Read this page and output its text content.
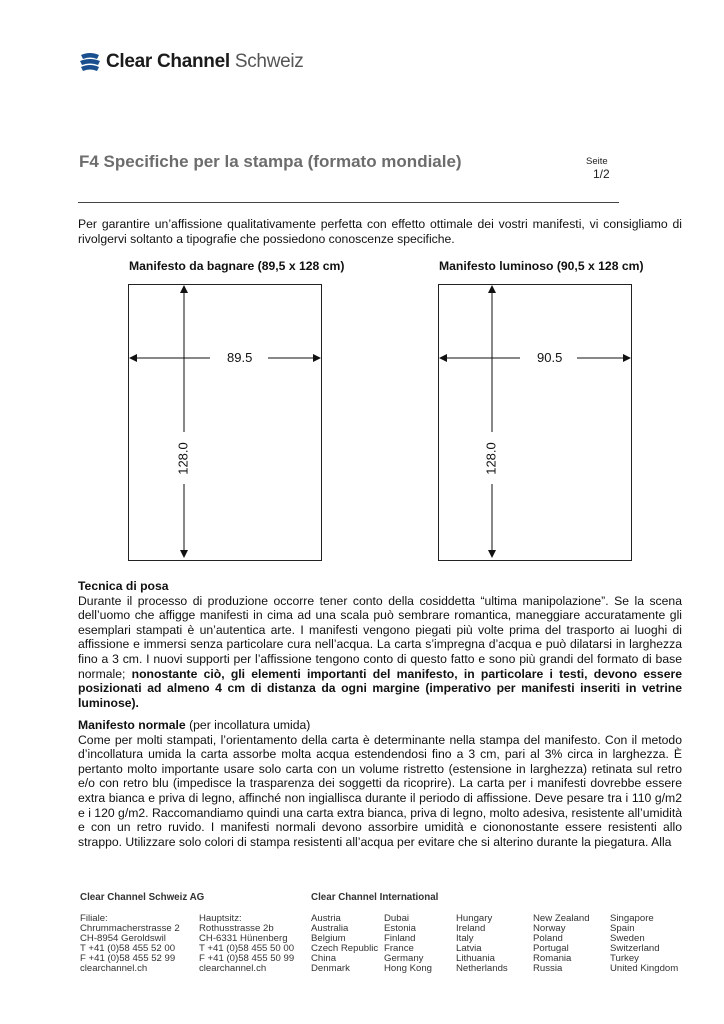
Clear Channel Schweiz
F4 Specifiche per la stampa (formato mondiale)	Seite
1/2
Per garantire un’affissione qualitativamente perfetta con effetto ottimale dei vostri manifesti, vi consigliamo di rivolgervi soltanto a tipografie che possiedono conoscenze specifiche.
Manifesto da bagnare (89,5 x 128 cm)
89.5
128.0
Manifesto luminoso (90,5 x 128 cm)
90.5
128.0
Tecnica di posa
Durante il processo di produzione occorre tener conto della cosiddetta “ultima manipolazione”. Se la scena dell’uomo che affigge manifesti in cima ad una scala può sembrare romantica, maneggiare accuratamente gli esemplari stampati è un’autentica arte. I manifesti vengono piegati più volte prima del trasporto ai luoghi di affissione e immersi senza particolare cura nell’acqua. La carta s’impregna d’acqua e può dilatarsi in larghezza fino a 3 cm. I nuovi supporti per l’affissione tengono conto di questo fatto e sono più grandi del formato di base normale; nonostante ciò, gli elementi importanti del manifesto, in particolare i testi, devono essere posizionati ad almeno 4 cm di distanza da ogni margine (imperativo per manifesti inseriti in vetrine luminose).
Manifesto normale (per incollatura umida)
Come per molti stampati, l’orientamento della carta è determinante nella stampa del manifesto. Con il metodo d’incollatura umida la carta assorbe molta acqua estendendosi fino a 3 cm, pari al 3% circa in larghezza. È pertanto molto importante usare solo carta con un volume ristretto (estensione in larghezza) retinata sul retro e/o con retro blu (impedisce la trasparenza dei soggetti da ricoprire). La carta per i manifesti dovrebbe essere extra bianca e priva di legno, affinché non ingiallisca durante il periodo di affissione. Deve pesare tra i 110 g/m2 e i 120 g/m2. Raccomandiamo quindi una carta extra bianca, priva di legno, molto adesiva, resistente all’umidità e con un retro ruvido. I manifesti normali devono assorbire umidità e ciononostante essere resistenti allo strappo. Utilizzare solo colori di stampa resistenti all’acqua per evitare che si alterino durante la piegatura. Alla
Clear Channel Schweiz AG	Clear Channel International
Filiale:
Chrummacherstrasse 2
CH-8954 Geroldswil
T +41 (0)58 455 52 00
F +41 (0)58 455 52 99
clearchannel.ch
Hauptsitz:
Rothusstrasse 2b
CH-6331 Hünenberg
T +41 (0)58 455 50 00
F +41 (0)58 455 50 99
clearchannel.ch
Austria
Australia
Belgium
Czech Republic
China
Denmark
Dubai
Estonia
Finland
France
Germany
Hong Kong
Hungary
Ireland
Italy
Latvia
Lithuania
Netherlands
New Zealand
Norway
Poland
Portugal
Romania
Russia
Singapore
Spain
Sweden
Switzerland
Turkey
United Kingdom
